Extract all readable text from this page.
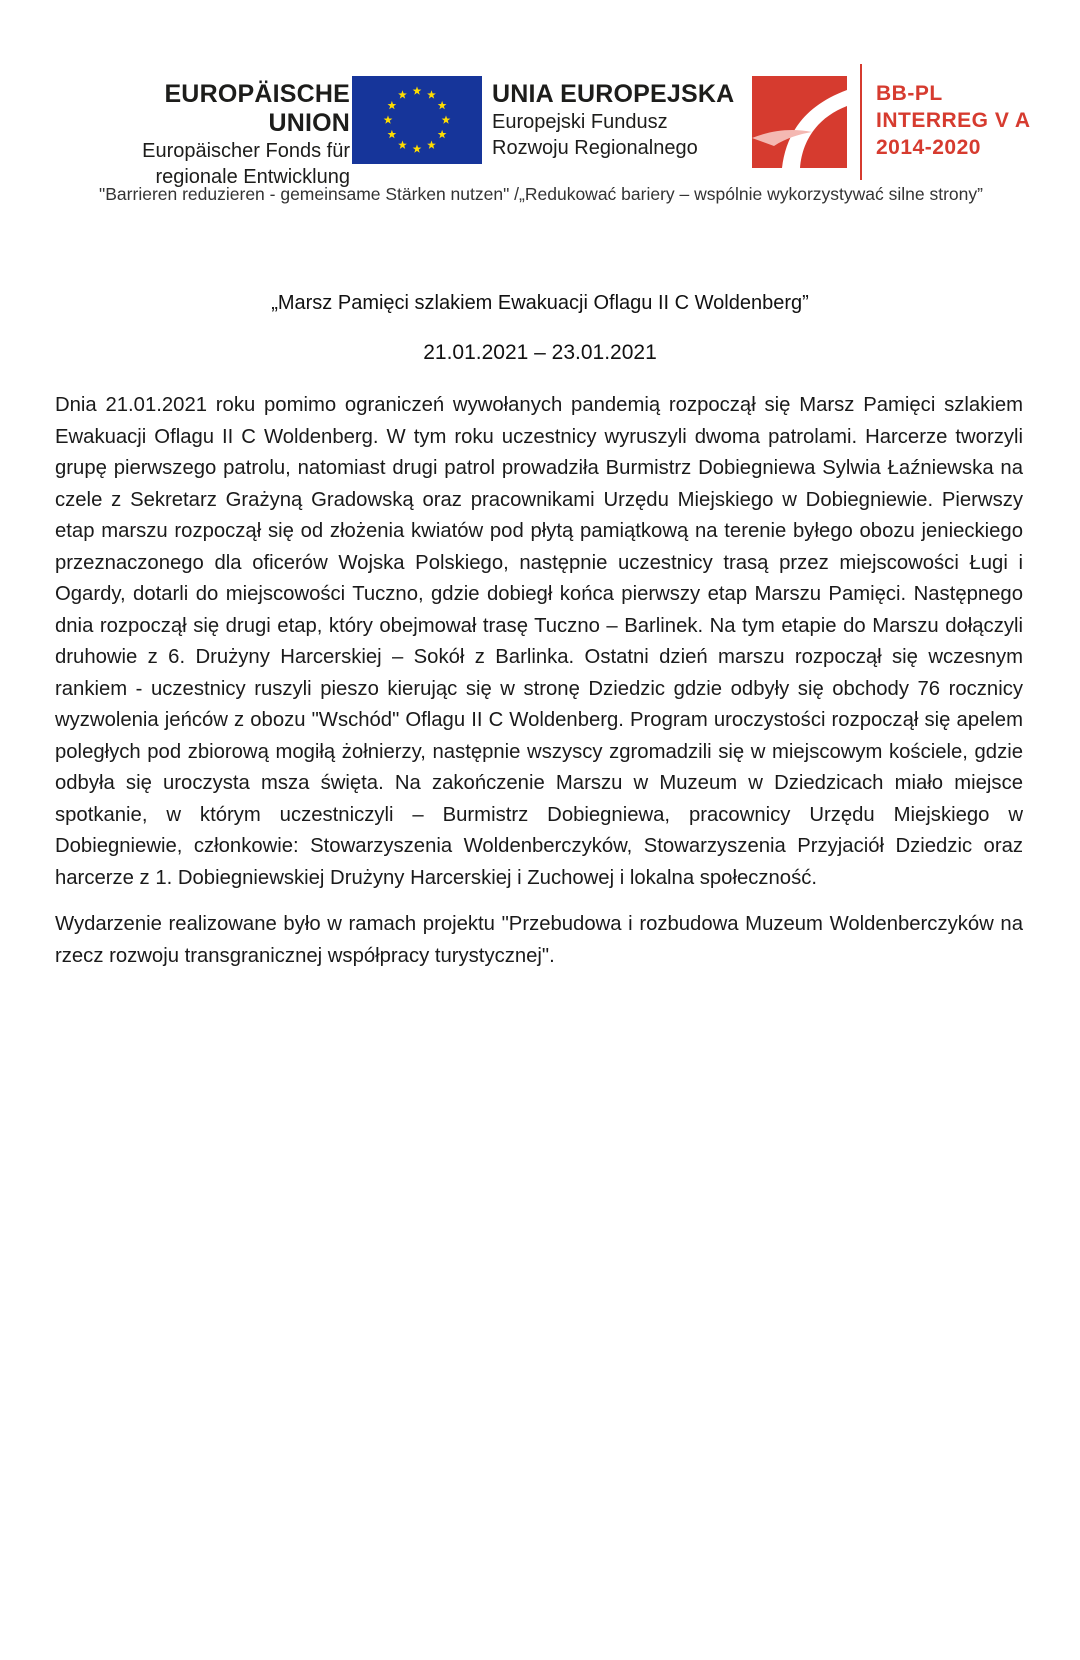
EUROPÄISCHE UNION
Europäischer Fonds für
regionale Entwicklung
UNIA EUROPEJSKA
Europejski Fundusz
Rozwoju Regionalnego
BB-PL
INTERREG V A
2014-2020
"Barrieren reduzieren - gemeinsame Stärken nutzen" /„Redukować bariery – wspólnie wykorzystywać silne strony”
„Marsz Pamięci szlakiem Ewakuacji Oflagu II C Woldenberg”
21.01.2021 – 23.01.2021

Dnia 21.01.2021 roku pomimo ograniczeń wywołanych pandemią rozpoczął się Marsz Pamięci szlakiem Ewakuacji Oflagu II C Woldenberg. W tym roku uczestnicy wyruszyli dwoma patrolami. Harcerze tworzyli grupę pierwszego patrolu, natomiast drugi patrol prowadziła Burmistrz Dobiegniewa Sylwia Łaźniewska na czele z Sekretarz Grażyną Gradowską oraz pracownikami Urzędu Miejskiego w Dobiegniewie. Pierwszy etap marszu rozpoczął się od złożenia kwiatów pod płytą pamiątkową na terenie byłego obozu jenieckiego przeznaczonego dla oficerów Wojska Polskiego, następnie uczestnicy trasą przez miejscowości Ługi i Ogardy, dotarli do miejscowości Tuczno, gdzie dobiegł końca pierwszy etap Marszu Pamięci. Następnego dnia rozpoczął się drugi etap, który obejmował trasę Tuczno – Barlinek. Na tym etapie do Marszu dołączyli druhowie z 6. Drużyny Harcerskiej – Sokół z Barlinka. Ostatni dzień marszu rozpoczął się wczesnym rankiem - uczestnicy ruszyli pieszo kierując się w stronę Dziedzic gdzie odbyły się obchody 76 rocznicy wyzwolenia jeńców z obozu "Wschód" Oflagu II C Woldenberg. Program uroczystości rozpoczął się apelem poległych pod zbiorową mogiłą żołnierzy, następnie wszyscy zgromadzili się w miejscowym kościele, gdzie odbyła się uroczysta msza święta. Na zakończenie Marszu w Muzeum w Dziedzicach miało miejsce spotkanie, w którym uczestniczyli – Burmistrz Dobiegniewa, pracownicy Urzędu Miejskiego w Dobiegniewie, członkowie: Stowarzyszenia Woldenberczyków, Stowarzyszenia Przyjaciół Dziedzic oraz harcerze z 1. Dobiegniewskiej Drużyny Harcerskiej i Zuchowej i lokalna społeczność.

Wydarzenie realizowane było w ramach projektu "Przebudowa i rozbudowa Muzeum Woldenberczyków na rzecz rozwoju transgranicznej współpracy turystycznej".
